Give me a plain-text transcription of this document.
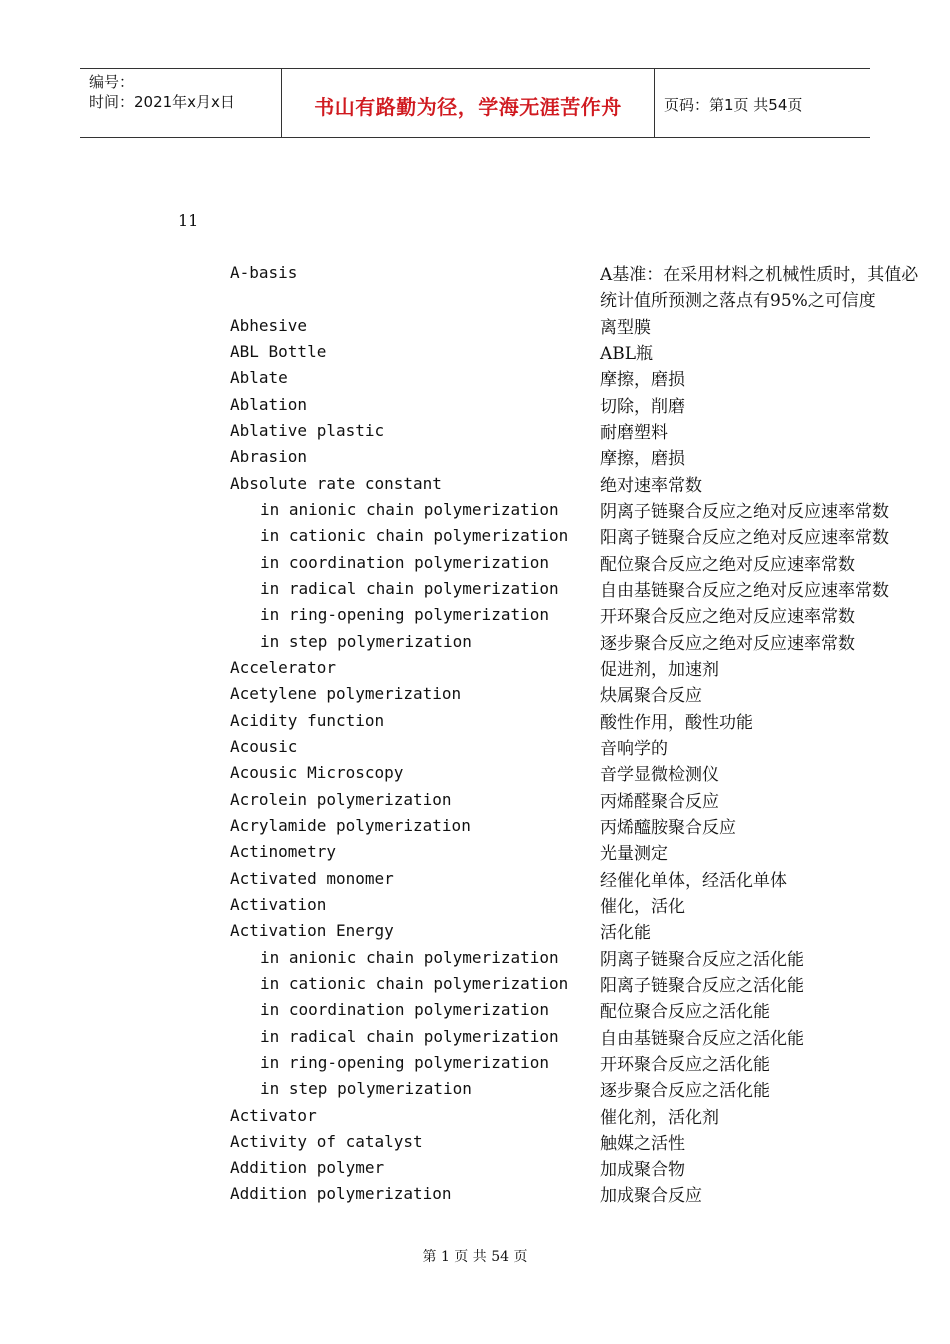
编号：
时间：2021年x月x日	书山有路勤为径，学海无涯苦作舟	页码：第1页 共54页
11
A-basis	A基准：在采用材料之机械性质时，其值必
统计值所预测之落点有95%之可信度
Abhesive	离型膜
ABL Bottle	ABL瓶
Ablate	摩擦，磨损
Ablation	切除，削磨
Ablative plastic	耐磨塑料
Abrasion	摩擦，磨损
Absolute rate constant	绝对速率常数
in anionic chain polymerization 阴离子链聚合反应之绝对反应速率常数
in cationic chain polymerization 阳离子链聚合反应之绝对反应速率常数
in coordination polymerization	配位聚合反应之绝对反应速率常数
in radical chain polymerization 自由基链聚合反应之绝对反应速率常数
in ring-opening polymerization	开环聚合反应之绝对反应速率常数
in step polymerization	逐步聚合反应之绝对反应速率常数
Accelerator	促进剂，加速剂
Acetylene polymerization	炔属聚合反应
Acidity function	酸性作用，酸性功能
Acousic	音响学的
Acousic Microscopy	音学显微检测仪
Acrolein polymerization	丙烯醛聚合反应
Acrylamide polymerization	丙烯醯胺聚合反应
Actinometry	光量测定
Activated monomer	经催化单体，经活化单体
Activation	催化，活化
Activation Energy	活化能
in anionic chain polymerization 阴离子链聚合反应之活化能
in cationic chain polymerization 阳离子链聚合反应之活化能
in coordination polymerization	配位聚合反应之活化能
in radical chain polymerization 自由基链聚合反应之活化能
in ring-opening polymerization	开环聚合反应之活化能
in step polymerization	逐步聚合反应之活化能
Activator	催化剂，活化剂
Activity of catalyst	触媒之活性
Addition polymer	加成聚合物
Addition polymerization	加成聚合反应
第 1 页 共 54 页
